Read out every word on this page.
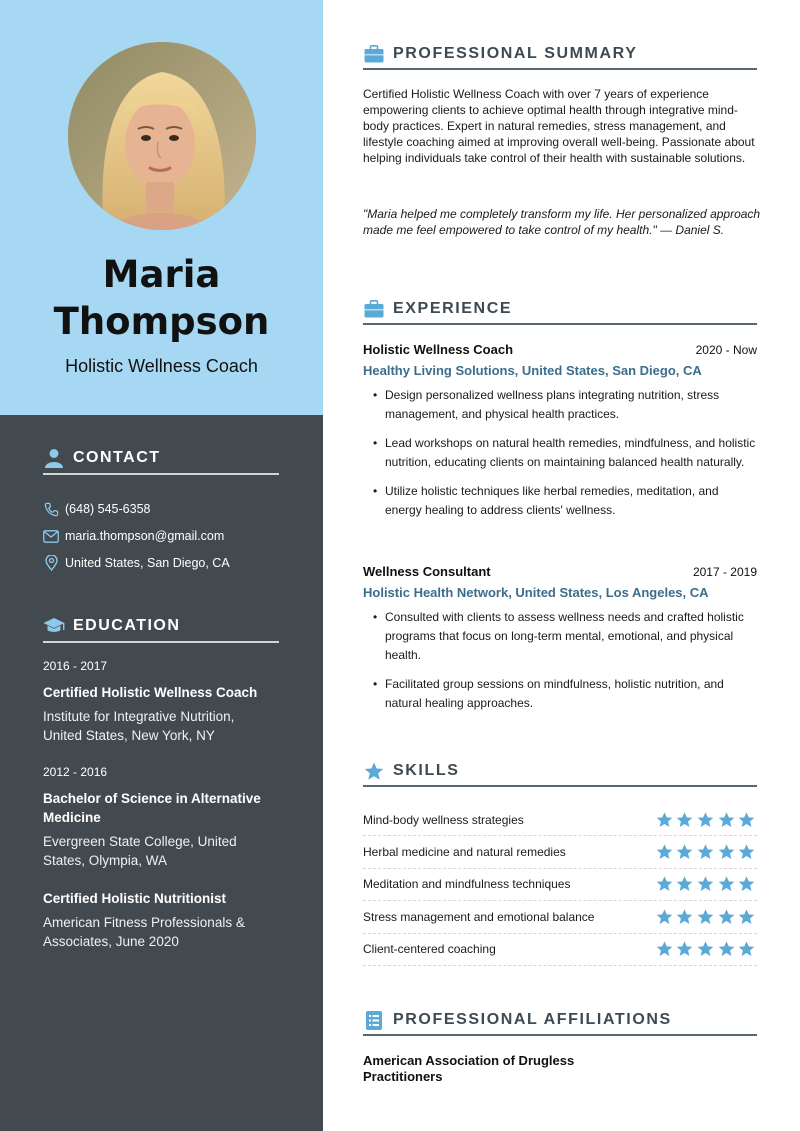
Maria
Thompson
Holistic Wellness Coach
CONTACT
(648) 545-6358
maria.thompson@gmail.com
United States, San Diego, CA
EDUCATION
2016 - 2017
Certified Holistic Wellness Coach
Institute for Integrative Nutrition, United States, New York, NY
2012 - 2016
Bachelor of Science in Alternative Medicine
Evergreen State College, United States, Olympia, WA
Certified Holistic Nutritionist
American Fitness Professionals & Associates, June 2020
PROFESSIONAL SUMMARY

Certified Holistic Wellness Coach with over 7 years of experience empowering clients to achieve optimal health through integrative mind-body practices. Expert in natural remedies, stress management, and lifestyle coaching aimed at improving overall well-being. Passionate about helping individuals take control of their health with sustainable solutions.

"Maria helped me completely transform my life. Her personalized approach made me feel empowered to take control of my health." — Daniel S.

EXPERIENCE
Holistic Wellness Coach	2020 - Now
Healthy Living Solutions, United States, San Diego, CA
• Design personalized wellness plans integrating nutrition, stress management, and physical health practices.
• Lead workshops on natural health remedies, mindfulness, and holistic nutrition, educating clients on maintaining balanced health naturally.
• Utilize holistic techniques like herbal remedies, meditation, and energy healing to address clients' wellness.
Wellness Consultant	2017 - 2019
Holistic Health Network, United States, Los Angeles, CA
• Consulted with clients to assess wellness needs and crafted holistic programs that focus on long-term mental, emotional, and physical health.
• Facilitated group sessions on mindfulness, holistic nutrition, and natural healing approaches.
SKILLS
Mind-body wellness strategies
Herbal medicine and natural remedies
Meditation and mindfulness techniques
Stress management and emotional balance
Client-centered coaching
PROFESSIONAL AFFILIATIONS
American Association of Drugless Practitioners
